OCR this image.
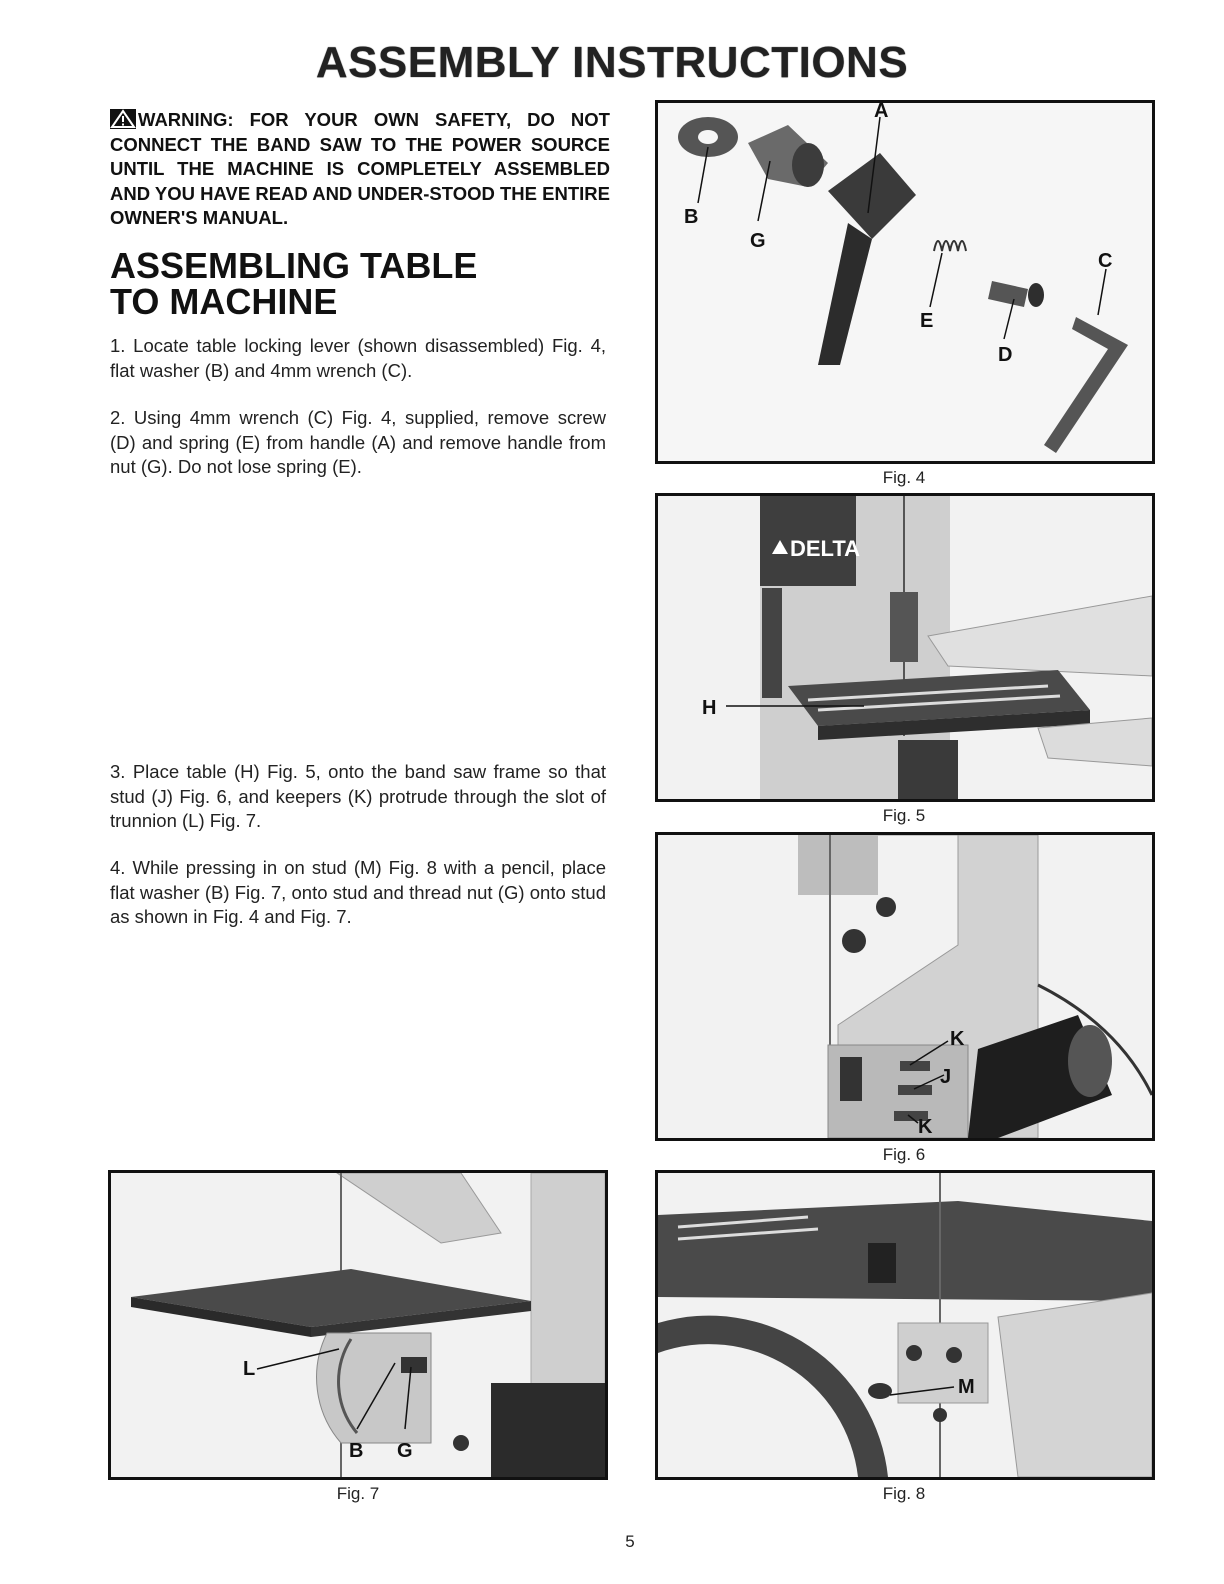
ASSEMBLY INSTRUCTIONS
WARNING: FOR YOUR OWN SAFETY, DO NOT CONNECT THE BAND SAW TO THE POWER SOURCE UNTIL THE MACHINE IS COMPLETELY ASSEMBLED AND YOU HAVE READ AND UNDER-STOOD THE ENTIRE OWNER'S MANUAL.
ASSEMBLING TABLE
TO MACHINE
1. Locate table locking lever (shown disassembled) Fig. 4, flat washer (B) and 4mm wrench (C).
2. Using 4mm wrench (C) Fig. 4, supplied, remove screw (D) and spring (E) from handle (A) and remove handle from nut (G). Do not lose spring (E).
3. Place table (H) Fig. 5, onto the band saw frame so that stud (J) Fig. 6, and keepers (K) protrude through the slot of trunnion (L) Fig. 7.
4. While pressing in on stud (M) Fig. 8 with a pencil, place flat washer (B) Fig. 7, onto stud and thread nut (G) onto stud as shown in Fig. 4 and Fig. 7.
A
B
G
E
C
D
Fig. 4
DELTA
H
Fig. 5
K
J
K
Fig. 6
L
B G
Fig. 7
M
Fig. 8
5
